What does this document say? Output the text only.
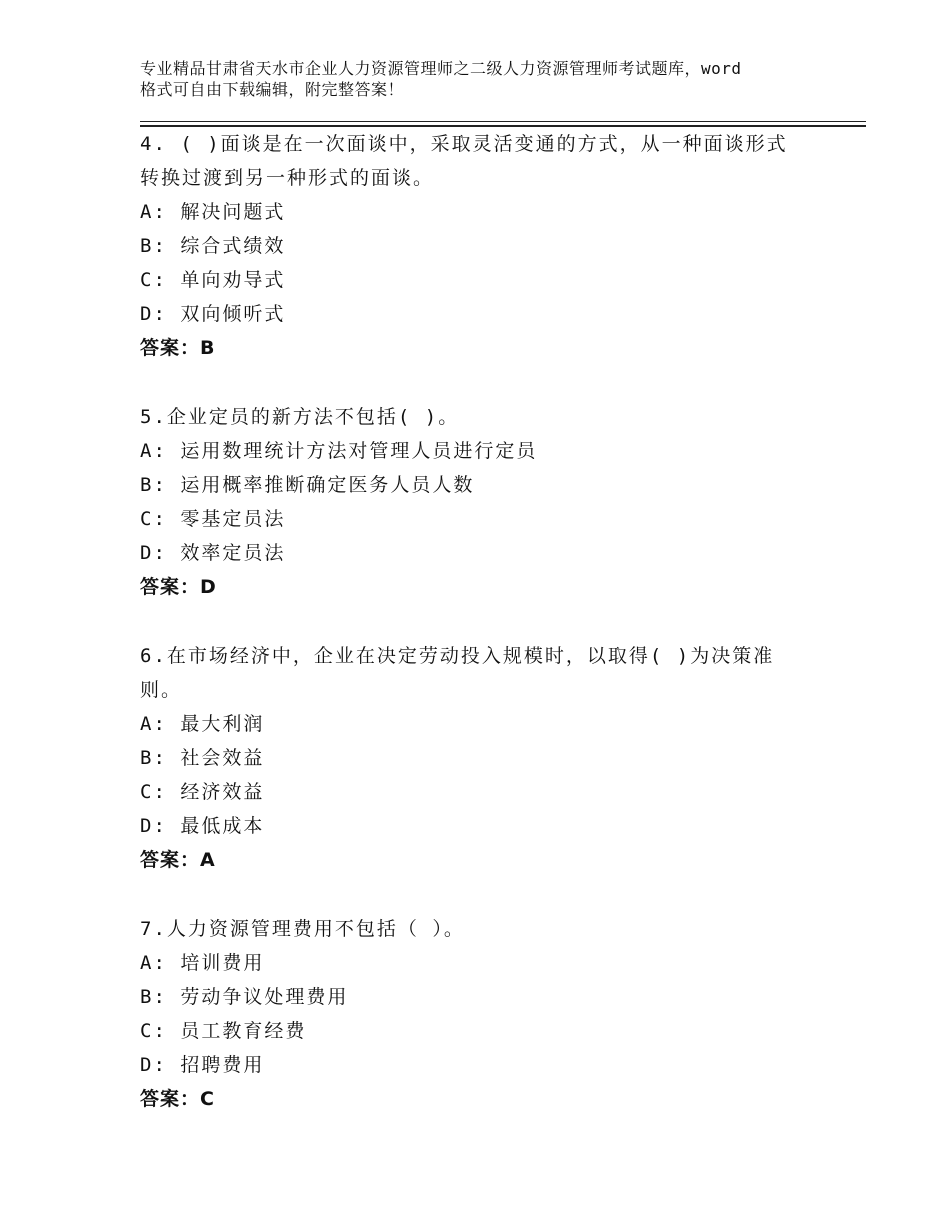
专业精品甘肃省天水市企业人力资源管理师之二级人力资源管理师考试题库，word
格式可自由下载编辑，附完整答案！

4. ( )面谈是在一次面谈中，采取灵活变通的方式，从一种面谈形式

转换过渡到另一种形式的面谈。

A: 解决问题式

B: 综合式绩效

C: 单向劝导式

D: 双向倾听式

答案：B

5.企业定员的新方法不包括( )。

A: 运用数理统计方法对管理人员进行定员

B: 运用概率推断确定医务人员人数

C: 零基定员法

D: 效率定员法

答案：D

6.在市场经济中，企业在决定劳动投入规模时，以取得( )为决策准

则。

A: 最大利润

B: 社会效益

C: 经济效益

D: 最低成本

答案：A

7.人力资源管理费用不包括（ ）。

A: 培训费用

B: 劳动争议处理费用

C: 员工教育经费

D: 招聘费用

答案：C
